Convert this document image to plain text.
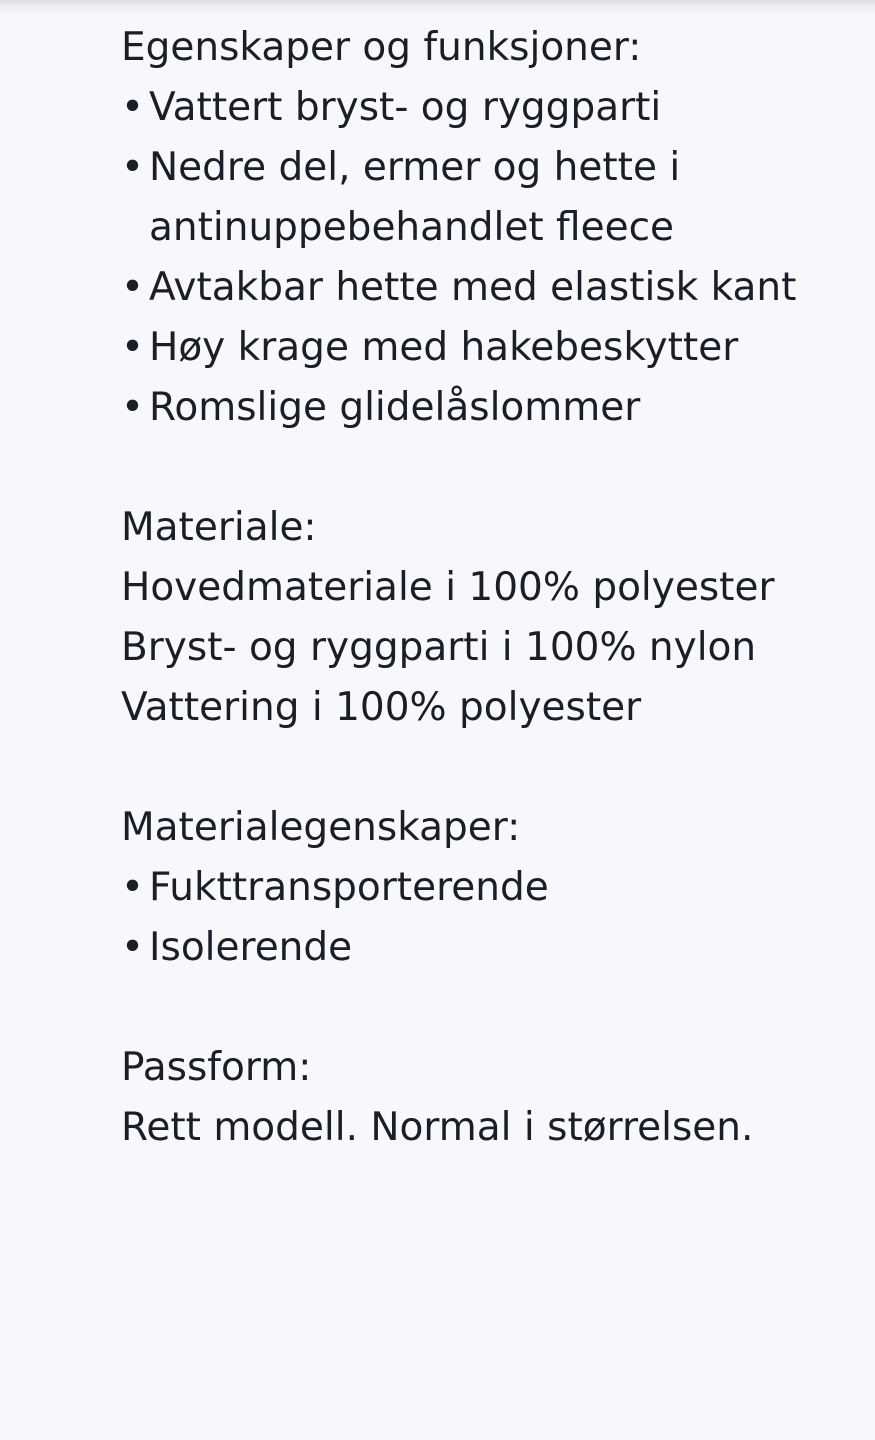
Egenskaper og funksjoner:
• Vattert bryst- og ryggparti
• Nedre del, ermer og hette i antinuppebehandlet fleece
• Avtakbar hette med elastisk kant
• Høy krage med hakebeskytter
• Romslige glidelåslommer
Materiale:
Hovedmateriale i 100% polyester
Bryst- og ryggparti i 100% nylon
Vattering i 100% polyester
Materialegenskaper:
• Fukttransporterende
• Isolerende
Passform:
Rett modell. Normal i størrelsen.
